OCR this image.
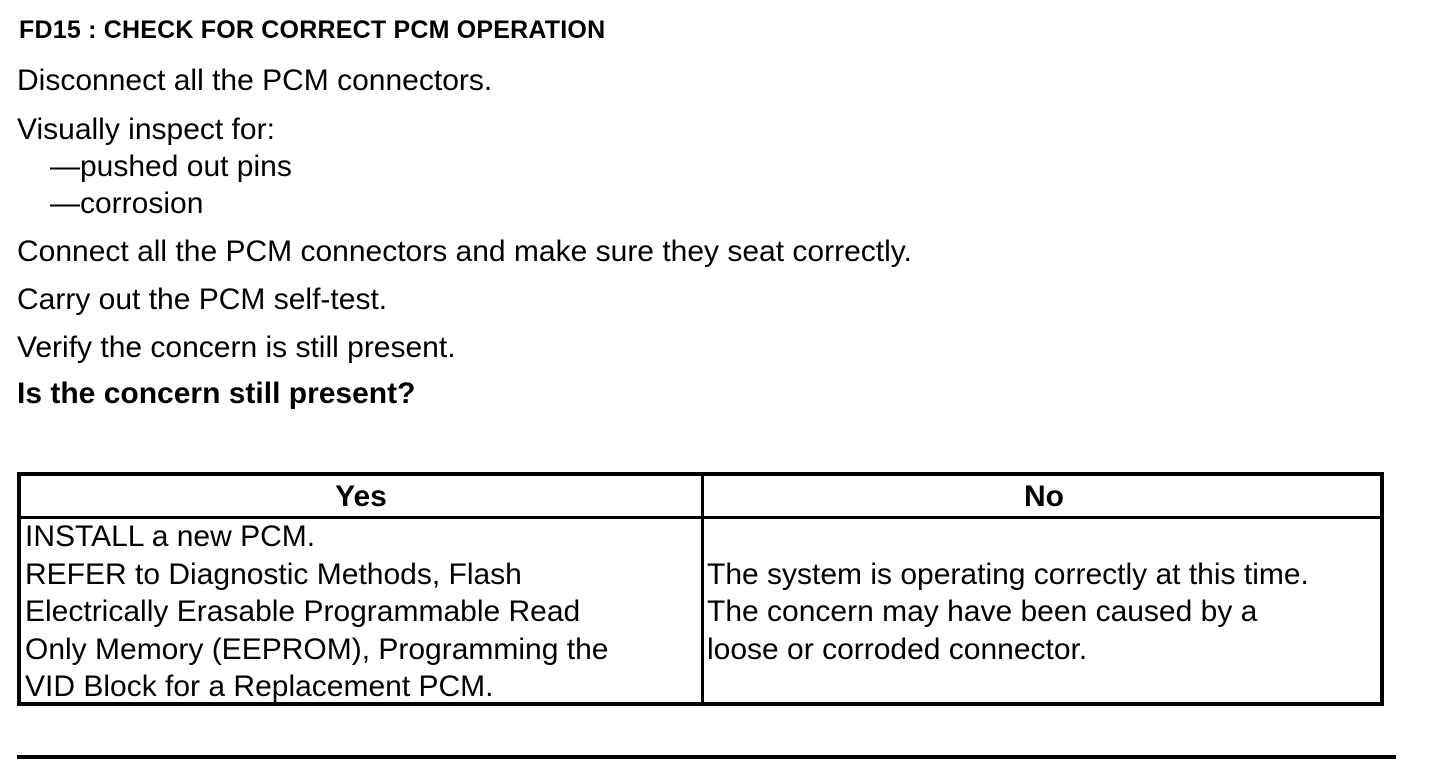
FD15 : CHECK FOR CORRECT PCM OPERATION
Disconnect all the PCM connectors.
Visually inspect for:
—pushed out pins
—corrosion
Connect all the PCM connectors and make sure they seat correctly.
Carry out the PCM self-test.
Verify the concern is still present.
Is the concern still present?
Yes	No
INSTALL a new PCM.
REFER to Diagnostic Methods, Flash
Electrically Erasable Programmable Read
Only Memory (EEPROM), Programming the
VID Block for a Replacement PCM.
The system is operating correctly at this time.
The concern may have been caused by a
loose or corroded connector.
